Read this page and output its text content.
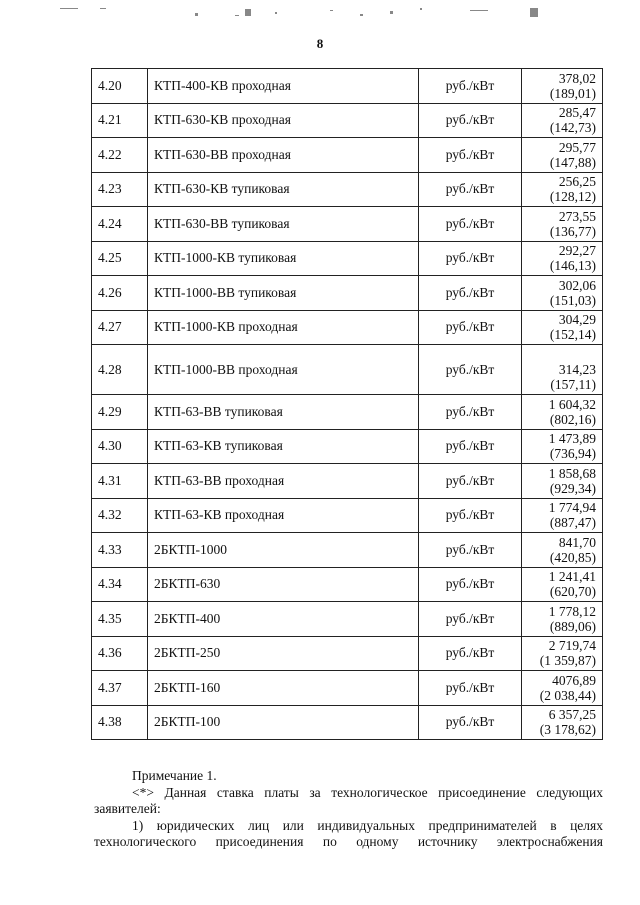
8
4.20	КТП-400-КВ проходная	руб./кВт	378,02
(189,01)

4.21	КТП-630-КВ проходная	руб./кВт	285,47
(142,73)

4.22	КТП-630-ВВ проходная	руб./кВт	295,77
(147,88)

4.23	КТП-630-КВ тупиковая	руб./кВт	256,25
(128,12)

4.24	КТП-630-ВВ тупиковая	руб./кВт	273,55
(136,77)

4.25	КТП-1000-КВ тупиковая	руб./кВт	292,27
(146,13)

4.26	КТП-1000-ВВ тупиковая	руб./кВт	302,06
(151,03)

4.27	КТП-1000-КВ проходная	руб./кВт	304,29
(152,14)

4.28	КТП-1000-ВВ проходная	руб./кВт	314,23
(157,11)

4.29	КТП-63-ВВ тупиковая	руб./кВт	1 604,32
(802,16)

4.30	КТП-63-КВ тупиковая	руб./кВт	1 473,89
(736,94)

4.31	КТП-63-ВВ проходная	руб./кВт	1 858,68
(929,34)

4.32	КТП-63-КВ проходная	руб./кВт	1 774,94
(887,47)

4.33	2БКТП-1000	руб./кВт	841,70
(420,85)

4.34	2БКТП-630	руб./кВт	1 241,41
(620,70)

4.35	2БКТП-400	руб./кВт	1 778,12
(889,06)

4.36	2БКТП-250	руб./кВт	2 719,74
(1 359,87)

4.37	2БКТП-160	руб./кВт	4076,89
(2 038,44)

4.38	2БКТП-100	руб./кВт	6 357,25
(3 178,62)

Примечание 1.

<*> Данная ставка платы за технологическое присоединение следующих заявителей:

1) юридических лиц или индивидуальных предпринимателей в целях

технологического присоединения по одному источнику электроснабжения
